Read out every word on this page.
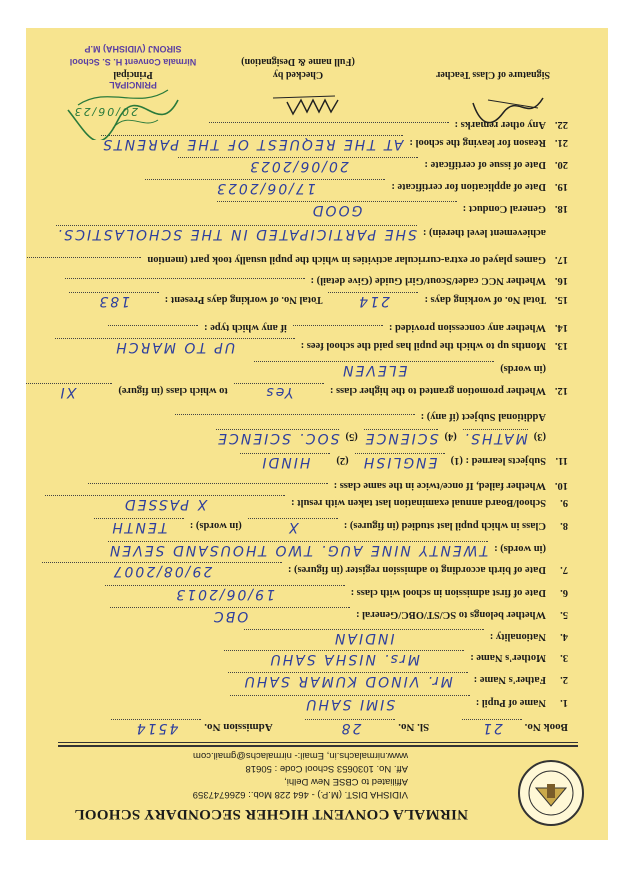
NIRMALA CONVENT HIGHER SECONDARY SCHOOL
VIDISHA DIST. (M.P.) - 464 228 Mob.: 6266747359
Affiliated to CBSE New Delhi,
Aff. No. 1030653 School Code : 50618
www.nirmalachs.in, Email:- nirmalachs@gmail.com
Book No. 21 Sl. No. 28 Admission No. 4514
1.Name of Pupil :SIMI SAHU
2.Father's Name :Mr. VINOD KUMAR SAHU
3.Mother's Name :Mrs. NISHA SAHU
4.Nationality :INDIAN
5.Whether belongs to SC/ST/OBC/General :OBC
6.Date of first admission in school with class :19/06/2013
7.Date of birth according to admission register (in figures) :29/08/2007
(in words) :TWENTY NINE AUG. TWO THOUSAND SEVEN
8.Class in which pupil last studied (in figures) :X(in words) :TENTH
9.School/Board annual examination last taken with result :X PASSED
10.Whether failed, If once/twice in the same class :
11.Subjects learned : (1)ENGLISH(2)HINDI
(3)MATHS.(4)SCIENCE(5)SOC. SCIENCE
Additional Subject (if any) :
12.Whether promotion granted to the higher class :Yesto which class (in figure)XI
(in words)ELEVEN
13.Months up to which the pupil has paid the school fees :UP TO MARCH
14.Whether any concession provided :if any which type :
15.Total No. of working days :214Total No. of working days Present :183
16.Whether NCC cadet/Scout/Girl Guide (Give detail) :
17.Games played or extra-curricular activities in which the pupil usually took part (mention
achievement level therein) :SHE PARTICIPATED IN THE SCHOLASTICS.
18.General Conduct :GOOD
19.Date of application for certificate :17/06/2023
20.Date of issue of certificate :20/06/2023
21.Reason for leaving the school :AT THE REQUEST OF THE PARENTS
22.Any other remarks :
20/06/23
Signature of Class Teacher
Checked by
(Full name & Designation)
Principal
PRINCIPAL
Nirmala Convent H. S. School
SIRONJ (VIDISHA) M.P
